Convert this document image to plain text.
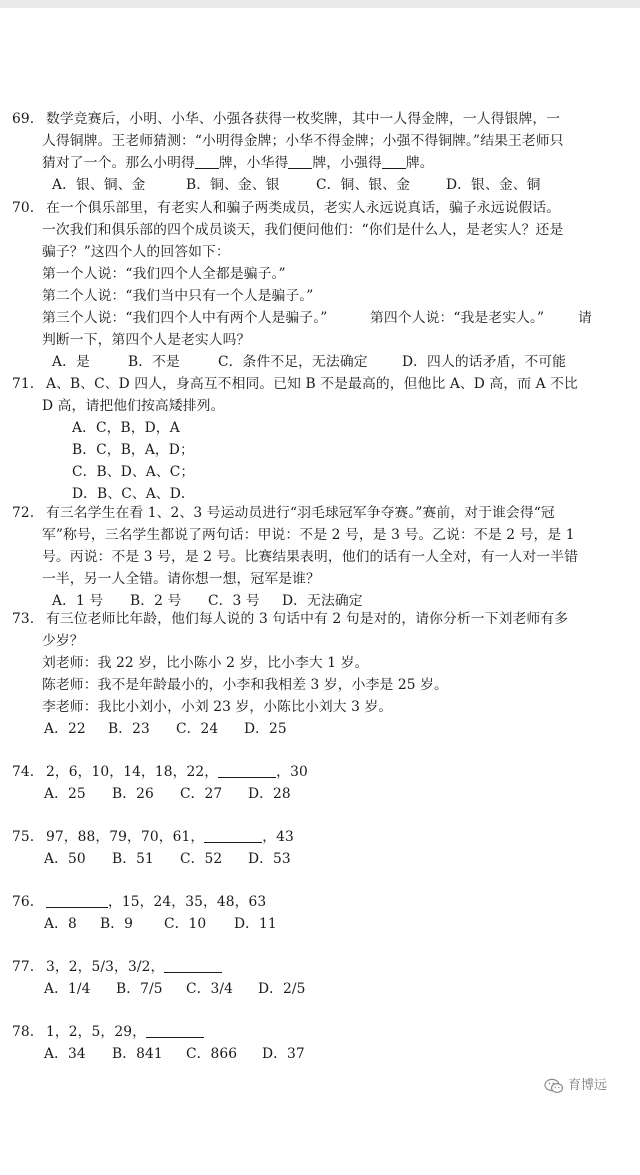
69.

数学竞赛后，小明、小华、小强各获得一枚奖牌，其中一人得金牌，一人得银牌，一

人得铜牌。王老师猜测：“小明得金牌；小华不得金牌；小强不得铜牌。”结果王老师只

猜对了一个。那么小明得 牌，小华得 牌，小强得 牌。

A．银、铜、金

	B．铜、金、银

	C．铜、银、金

	D．银、金、铜

70.

在一个俱乐部里，有老实人和骗子两类成员，老实人永远说真话，骗子永远说假话。

一次我们和俱乐部的四个成员谈天，我们便问他们：“你们是什么人，是老实人？还是

骗子？”这四个人的回答如下：

第一个人说：“我们四个人全都是骗子。”

第二个人说：“我们当中只有一个人是骗子。”

第三个人说：“我们四个人中有两个人是骗子。”

	第四个人说：“我是老实人。”

请

判断一下，第四个人是老实人吗？

A．是

	B．不是

	C．条件不足，无法确定

D．四人的话矛盾，不可能

71.

A、B、C、D 四人，身高互不相同。已知 B 不是最高的，但他比 A、D 高，而 A 不比

D 高，请把他们按高矮排列。

A．C，B，D，A

B．C，B，A，D；

C．B、D、A、C；

D．B、C、A、D．

72.

有三名学生在看 1、2、3 号运动员进行“羽毛球冠军争夺赛。”赛前，对于谁会得“冠

军”称号，三名学生都说了两句话：甲说：不是 2 号，是 3 号。乙说：不是 2 号，是 1

号。丙说：不是 3 号，是 2 号。比赛结果表明，他们的话有一人全对，有一人对一半错

一半，另一人全错。请你想一想，冠军是谁？

A．1 号

B．2 号

C．3 号

D．无法确定

73.

有三位老师比年龄，他们每人说的 3 句话中有 2 句是对的，请你分析一下刘老师有多

少岁？

刘老师：我 22 岁，比小陈小 2 岁，比小李大 1 岁。

陈老师：我不是年龄最小的，小李和我相差 3 岁，小李是 25 岁。

李老师：我比小刘小，小刘 23 岁，小陈比小刘大 3 岁。

A．22

B．23

C．24

D．25

74.

2，6，10，14，18，22，	，30

A．25

B．26

C．27

D．28

75.

97，88，79，70，61，	，43

A．50

B．51

C．52

D．53

76.

	，15，24，35，48，63

A．8

B．9

C．10

D．11

77.

3，2，5/3，3/2，

A．1/4

B．7/5

C．3/4

D．2/5

78.

1，2，5，29，

A．34

B．841

C．866

D．37

育博远
